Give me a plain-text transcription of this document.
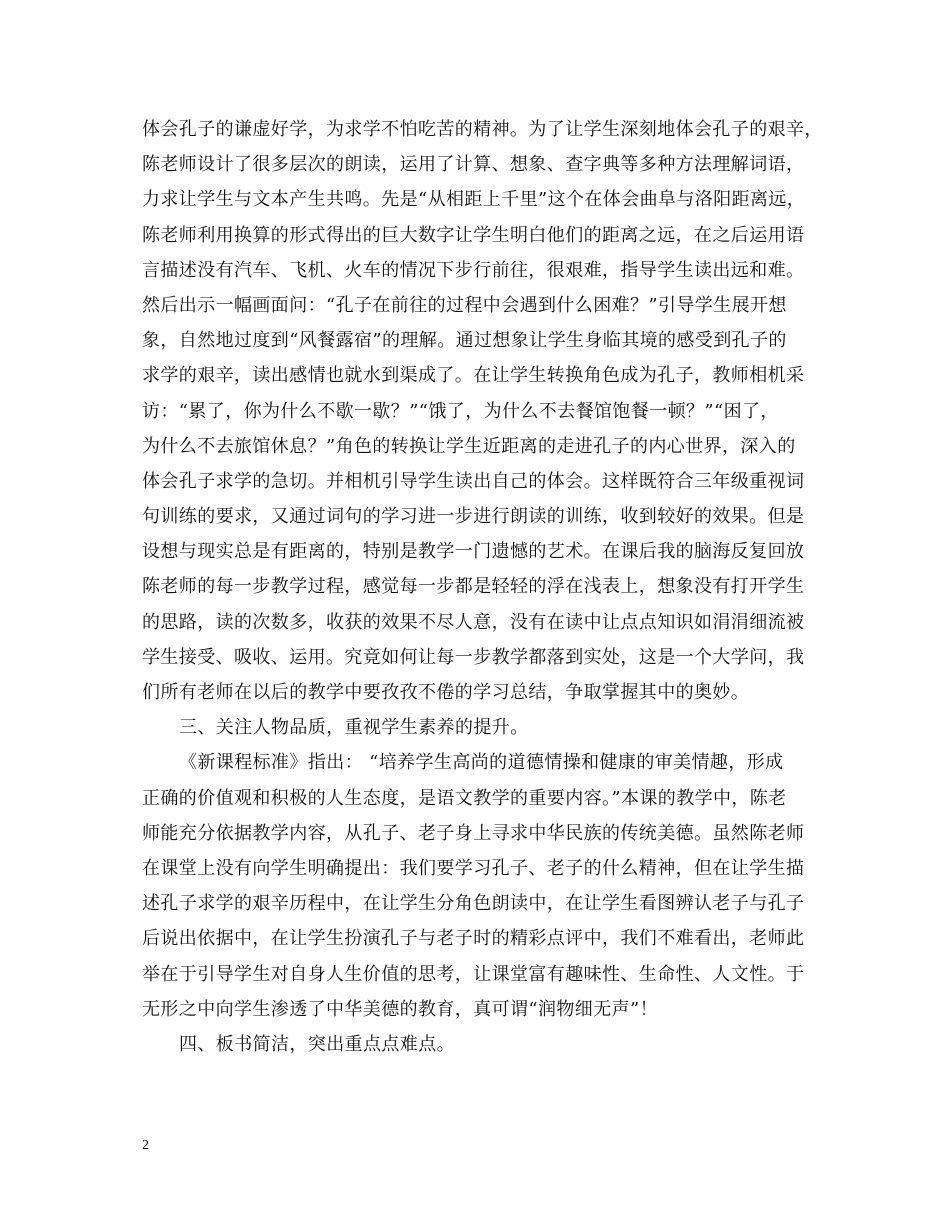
体会孔子的谦虚好学，为求学不怕吃苦的精神。为了让学生深刻地体会孔子的艰辛，
陈老师设计了很多层次的朗读，运用了计算、想象、查字典等多种方法理解词语，
力求让学生与文本产生共鸣。先是“从相距上千里”这个在体会曲阜与洛阳距离远，
陈老师利用换算的形式得出的巨大数字让学生明白他们的距离之远，在之后运用语
言描述没有汽车、飞机、火车的情况下步行前往，很艰难，指导学生读出远和难。
然后出示一幅画面问：“孔子在前往的过程中会遇到什么困难？”引导学生展开想
象，自然地过度到“风餐露宿”的理解。通过想象让学生身临其境的感受到孔子的
求学的艰辛，读出感情也就水到渠成了。在让学生转换角色成为孔子，教师相机采
访：“累了，你为什么不歇一歇？”“饿了，为什么不去餐馆饱餐一顿？”“困了，
为什么不去旅馆休息？”角色的转换让学生近距离的走进孔子的内心世界，深入的
体会孔子求学的急切。并相机引导学生读出自己的体会。这样既符合三年级重视词
句训练的要求，又通过词句的学习进一步进行朗读的训练，收到较好的效果。但是
设想与现实总是有距离的，特别是教学一门遗憾的艺术。在课后我的脑海反复回放
陈老师的每一步教学过程，感觉每一步都是轻轻的浮在浅表上，想象没有打开学生
的思路，读的次数多，收获的效果不尽人意，没有在读中让点点知识如涓涓细流被
学生接受、吸收、运用。究竟如何让每一步教学都落到实处，这是一个大学问，我
们所有老师在以后的教学中要孜孜不倦的学习总结，争取掌握其中的奥妙。
三、关注人物品质，重视学生素养的提升。
《新课程标准》指出： “培养学生高尚的道德情操和健康的审美情趣，形成
正确的价值观和积极的人生态度，是语文教学的重要内容。”本课的教学中，陈老
师能充分依据教学内容，从孔子、老子身上寻求中华民族的传统美德。虽然陈老师
在课堂上没有向学生明确提出：我们要学习孔子、老子的什么精神，但在让学生描
述孔子求学的艰辛历程中，在让学生分角色朗读中，在让学生看图辨认老子与孔子
后说出依据中，在让学生扮演孔子与老子时的精彩点评中，我们不难看出，老师此
举在于引导学生对自身人生价值的思考，让课堂富有趣味性、生命性、人文性。于
无形之中向学生渗透了中华美德的教育，真可谓“润物细无声”！
四、板书简洁，突出重点点难点。
2
